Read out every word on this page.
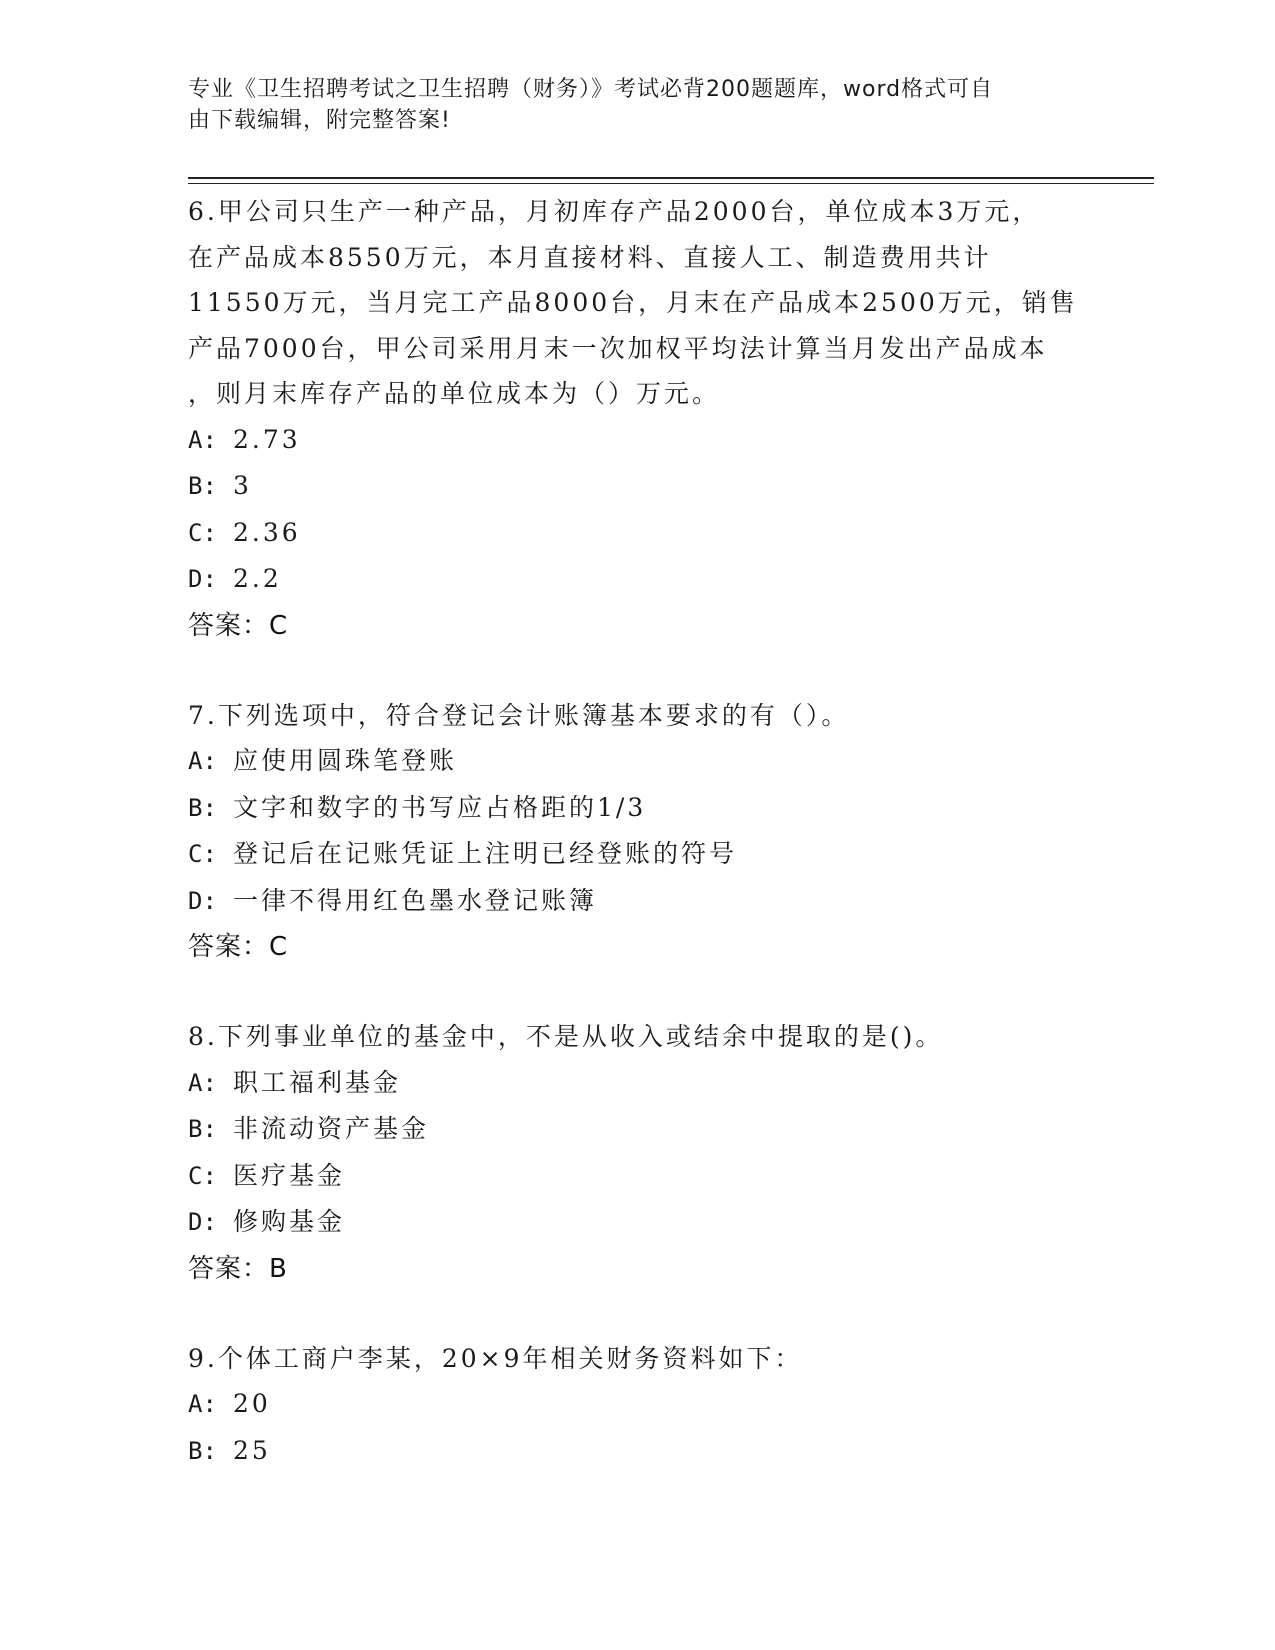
专业《卫生招聘考试之卫生招聘（财务）》考试必背200题题库，word格式可自
由下载编辑，附完整答案!

6.甲公司只生产一种产品，月初库存产品2000台，单位成本3万元，

在产品成本8550万元，本月直接材料、直接人工、制造费用共计

11550万元，当月完工产品8000台，月末在产品成本2500万元，销售

产品7000台，甲公司采用月末一次加权平均法计算当月发出产品成本

，则月末库存产品的单位成本为（）万元。

A: 2.73

B: 3

C: 2.36

D: 2.2

答案：C

7.下列选项中，符合登记会计账簿基本要求的有（）。

A: 应使用圆珠笔登账

B: 文字和数字的书写应占格距的1/3

C: 登记后在记账凭证上注明已经登账的符号

D: 一律不得用红色墨水登记账簿

答案：C

8.下列事业单位的基金中，不是从收入或结余中提取的是()。

A: 职工福利基金

B: 非流动资产基金

C: 医疗基金

D: 修购基金

答案：B

9.个体工商户李某，20×9年相关财务资料如下：

A: 20

B: 25
